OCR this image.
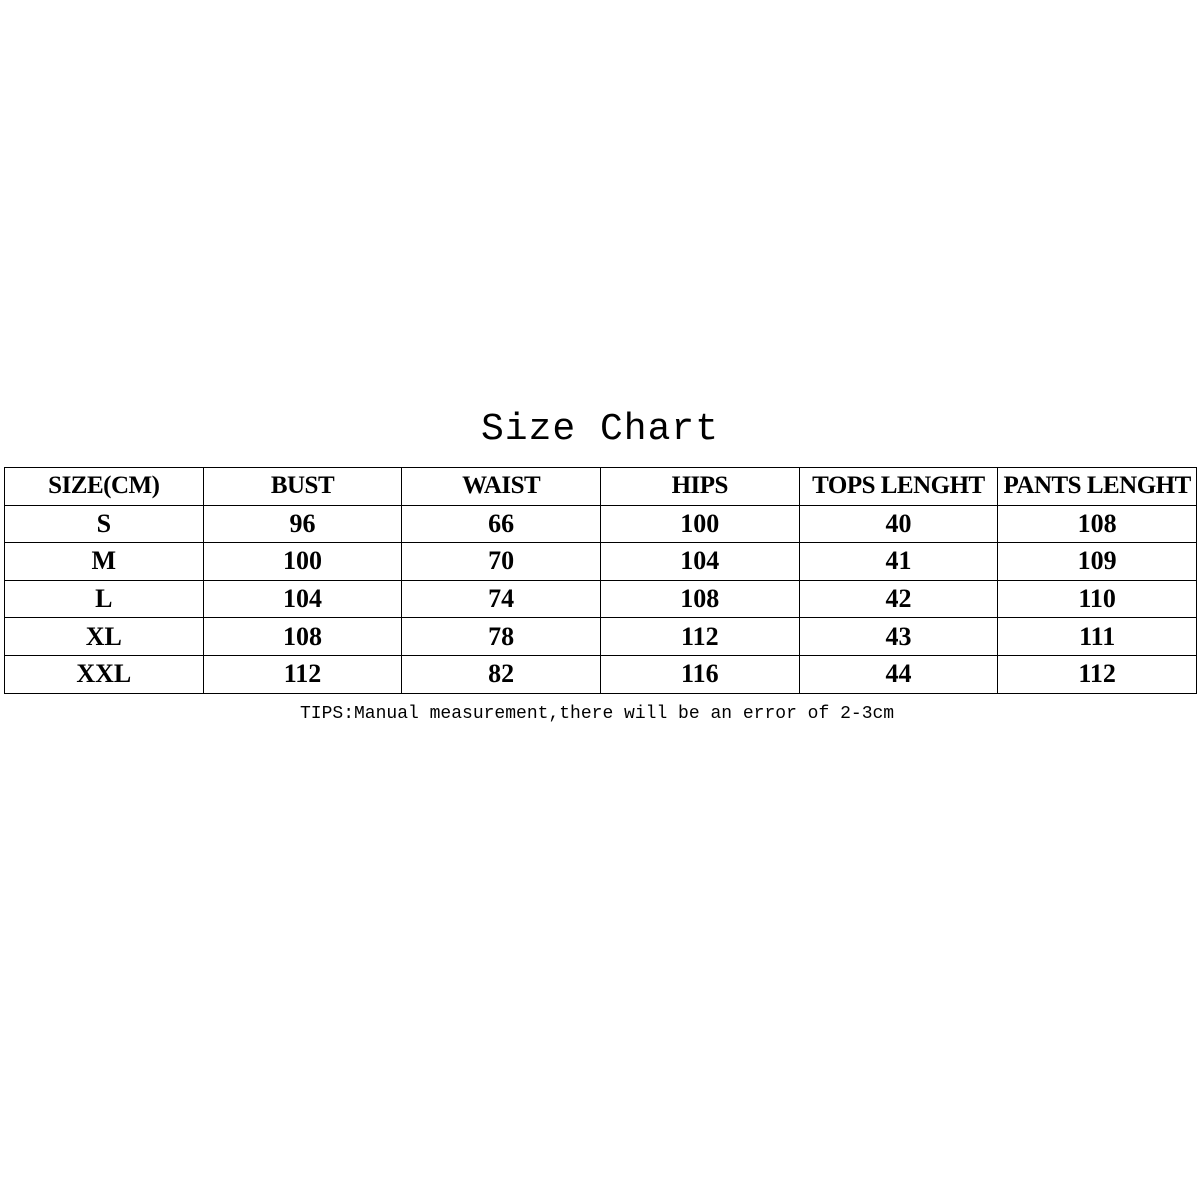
Size Chart
SIZE(CM)	BUST	WAIST	HIPS	TOPS LENGHT	PANTS LENGHT
S	96	66	100	40	108
M	100	70	104	41	109
L	104	74	108	42	110
XL	108	78	112	43	111
XXL	112	82	116	44	112
TIPS:Manual measurement,there will be an error of 2-3cm
